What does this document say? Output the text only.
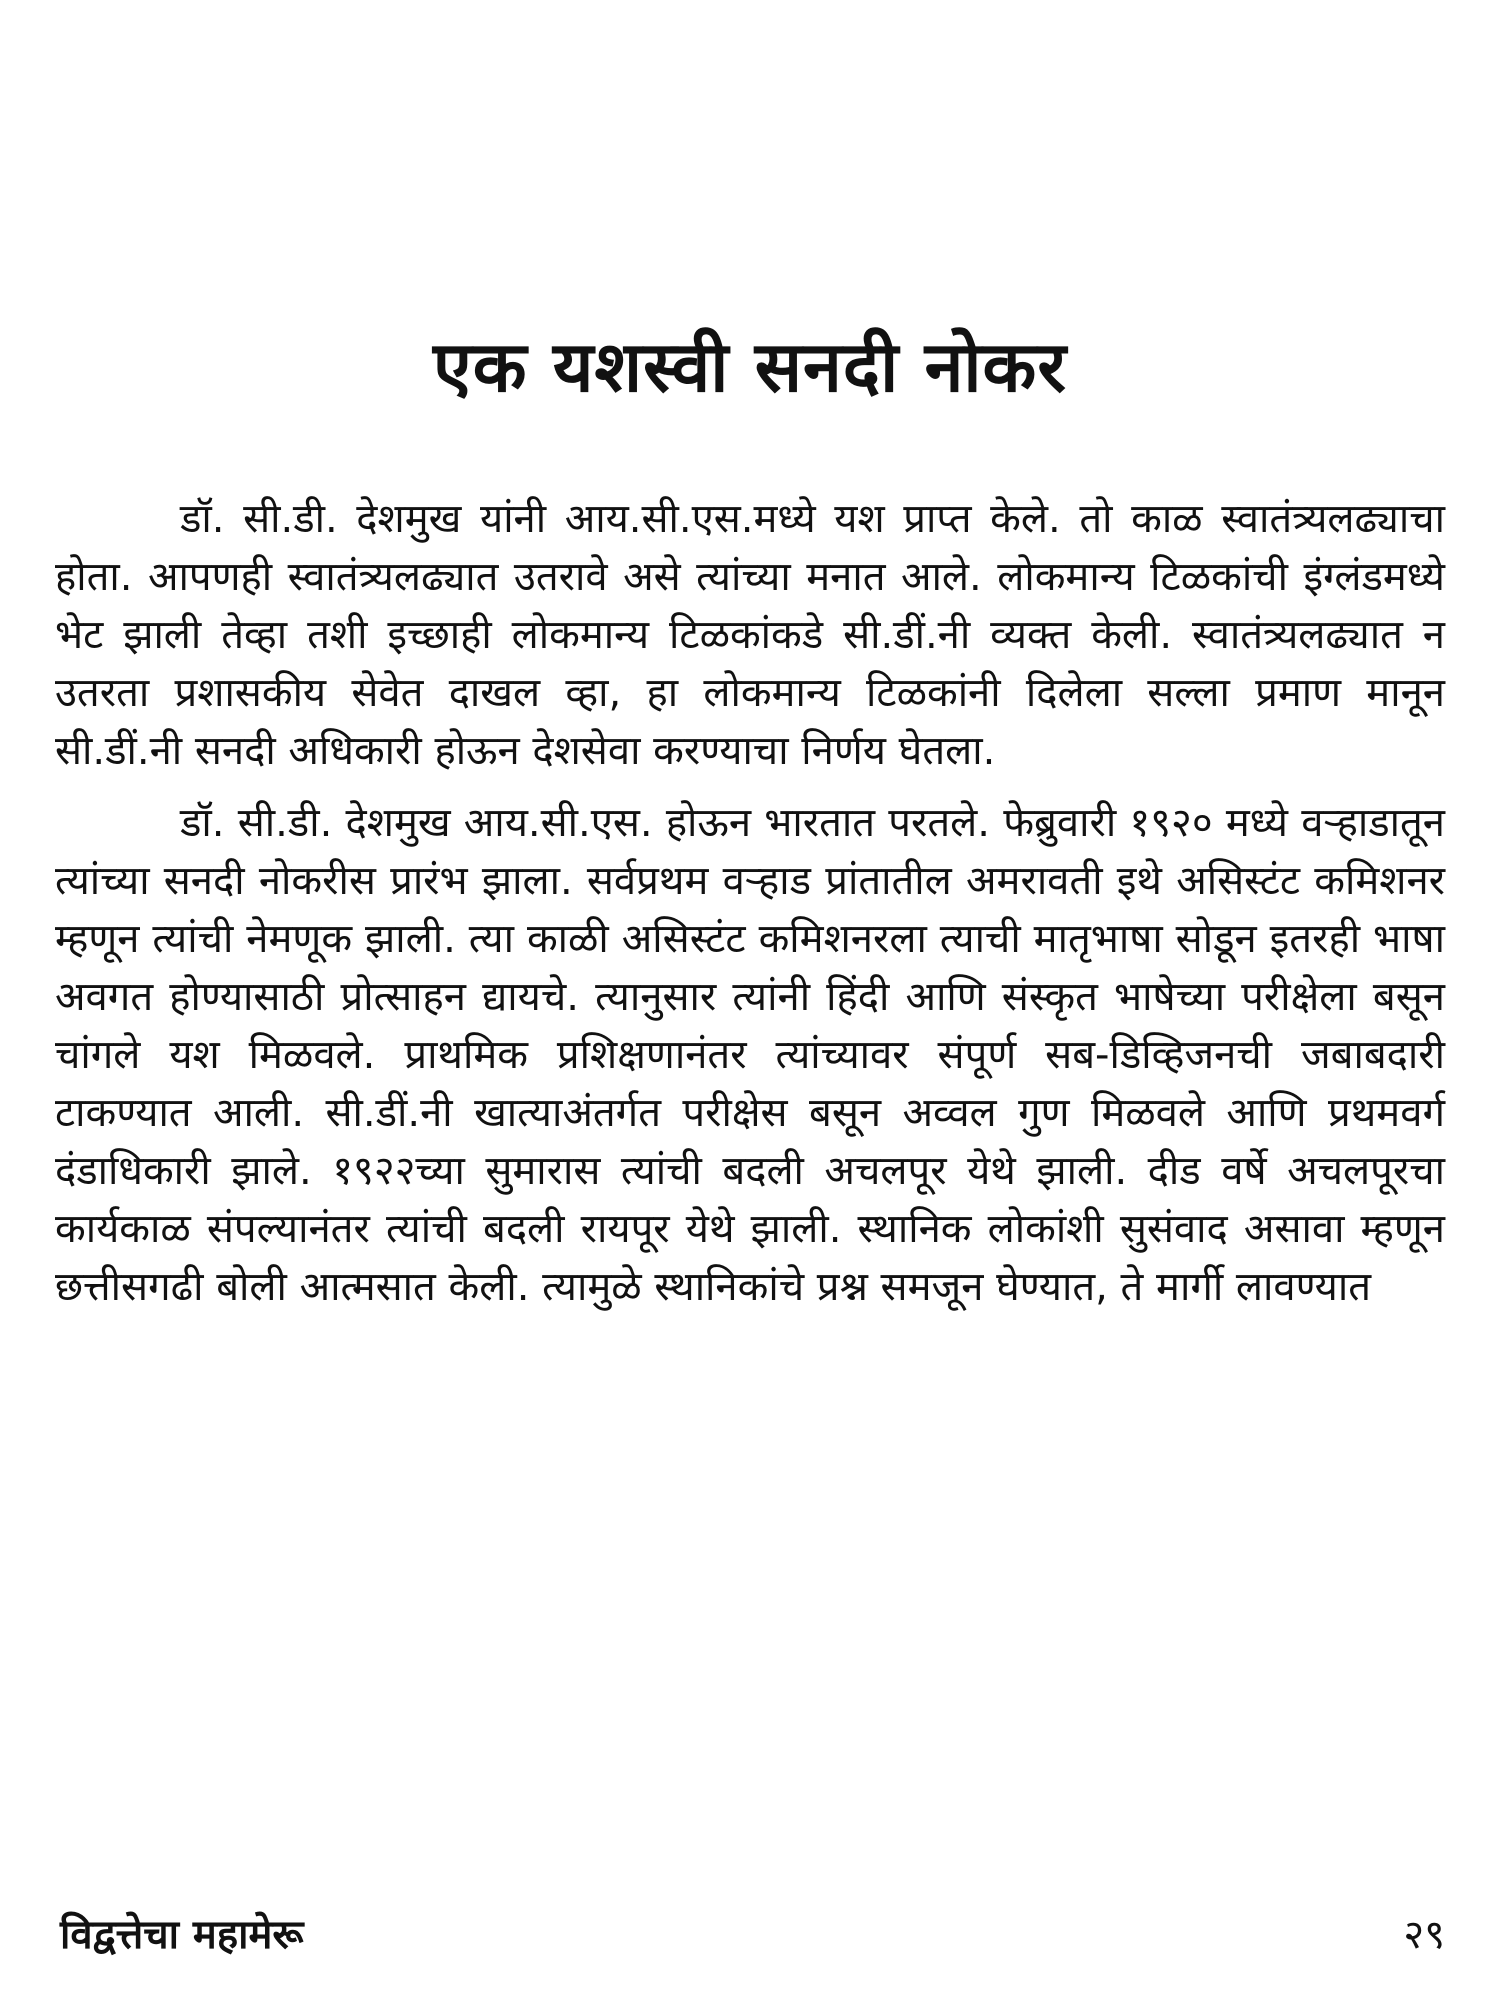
एक यशस्वी सनदी नोकर

डॉ. सी.डी. देशमुख यांनी आय.सी.एस.मध्ये यश प्राप्त केले. तो काळ स्वातंत्र्यलढ्याचा होता. आपणही स्वातंत्र्यलढ्यात उतरावे असे त्यांच्या मनात आले. लोकमान्य टिळकांची इंग्लंडमध्ये भेट झाली तेव्हा तशी इच्छाही लोकमान्य टिळकांकडे सी.डीं.नी व्यक्त केली. स्वातंत्र्यलढ्यात न उतरता प्रशासकीय सेवेत दाखल व्हा, हा लोकमान्य टिळकांनी दिलेला सल्ला प्रमाण मानून सी.डीं.नी सनदी अधिकारी होऊन देशसेवा करण्याचा निर्णय घेतला.

डॉ. सी.डी. देशमुख आय.सी.एस. होऊन भारतात परतले. फेब्रुवारी १९२० मध्ये वऱ्हाडातून त्यांच्या सनदी नोकरीस प्रारंभ झाला. सर्वप्रथम वऱ्हाड प्रांतातील अमरावती इथे असिस्टंट कमिशनर म्हणून त्यांची नेमणूक झाली. त्या काळी असिस्टंट कमिशनरला त्याची मातृभाषा सोडून इतरही भाषा अवगत होण्यासाठी प्रोत्साहन द्यायचे. त्यानुसार त्यांनी हिंदी आणि संस्कृत भाषेच्या परीक्षेला बसून चांगले यश मिळवले. प्राथमिक प्रशिक्षणानंतर त्यांच्यावर संपूर्ण सब-डिव्हिजनची जबाबदारी टाकण्यात आली. सी.डीं.नी खात्याअंतर्गत परीक्षेस बसून अव्वल गुण मिळवले आणि प्रथमवर्ग दंडाधिकारी झाले. १९२२च्या सुमारास त्यांची बदली अचलपूर येथे झाली. दीड वर्षे अचलपूरचा कार्यकाळ संपल्यानंतर त्यांची बदली रायपूर येथे झाली. स्थानिक लोकांशी सुसंवाद असावा म्हणून छत्तीसगढी बोली आत्मसात केली. त्यामुळे स्थानिकांचे प्रश्न समजून घेण्यात, ते मार्गी लावण्यात

विद्वत्तेचा महामेरू	२९
